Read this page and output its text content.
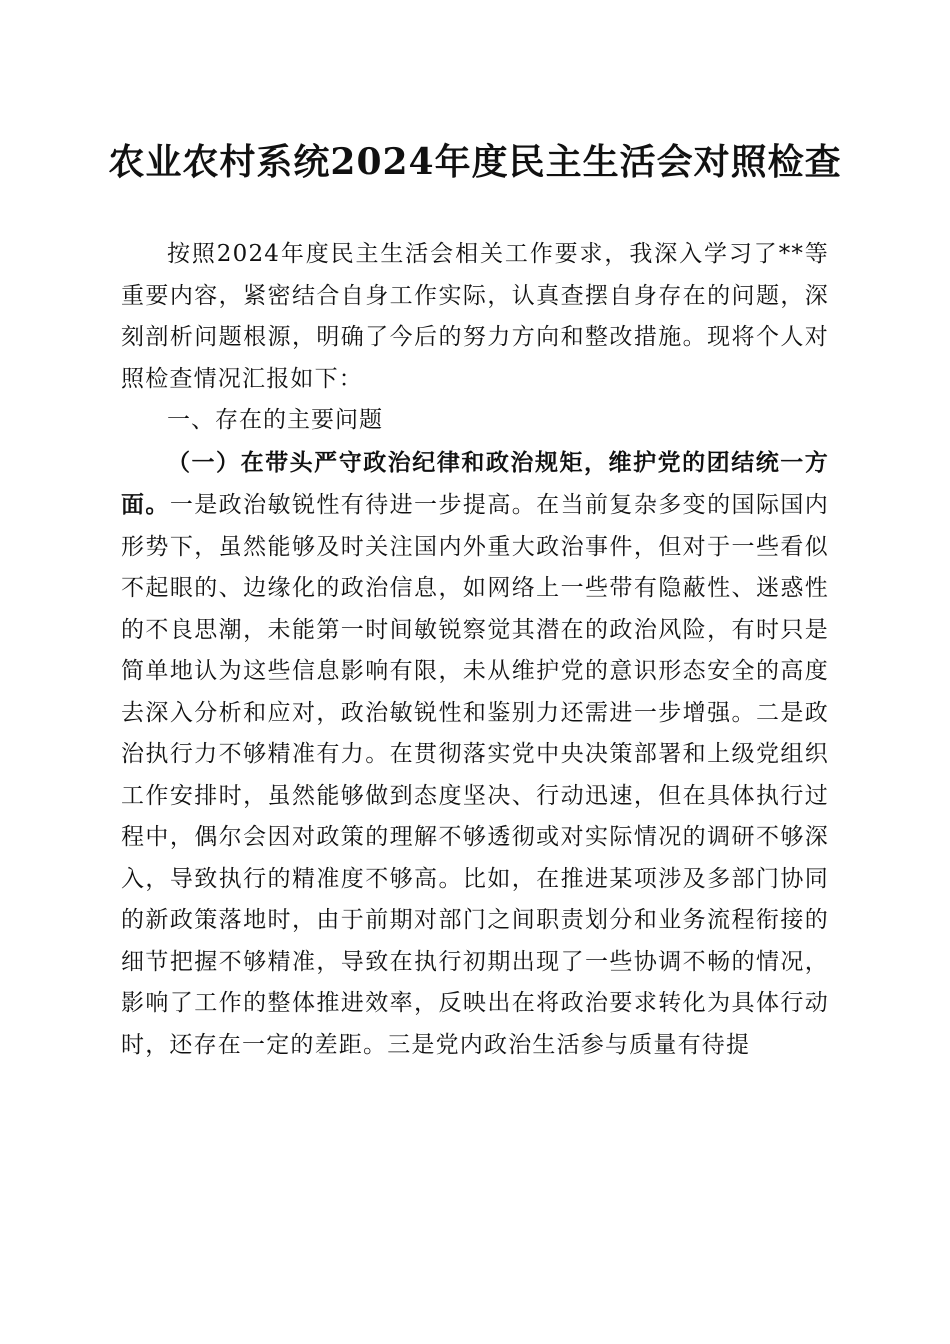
农业农村系统2024年度民主生活会对照检查

按照2024年度民主生活会相关工作要求，我深入学习了**等重要内容，紧密结合自身工作实际，认真查摆自身存在的问题，深刻剖析问题根源，明确了今后的努力方向和整改措施。现将个人对照检查情况汇报如下：

一、存在的主要问题

（一）在带头严守政治纪律和政治规矩，维护党的团结统一方面。一是政治敏锐性有待进一步提高。在当前复杂多变的国际国内形势下，虽然能够及时关注国内外重大政治事件，但对于一些看似不起眼的、边缘化的政治信息，如网络上一些带有隐蔽性、迷惑性的不良思潮，未能第一时间敏锐察觉其潜在的政治风险，有时只是简单地认为这些信息影响有限，未从维护党的意识形态安全的高度去深入分析和应对，政治敏锐性和鉴别力还需进一步增强。二是政治执行力不够精准有力。在贯彻落实党中央决策部署和上级党组织工作安排时，虽然能够做到态度坚决、行动迅速，但在具体执行过程中，偶尔会因对政策的理解不够透彻或对实际情况的调研不够深入，导致执行的精准度不够高。比如，在推进某项涉及多部门协同的新政策落地时，由于前期对部门之间职责划分和业务流程衔接的细节把握不够精准，导致在执行初期出现了一些协调不畅的情况，影响了工作的整体推进效率，反映出在将政治要求转化为具体行动时，还存在一定的差距。三是党内政治生活参与质量有待提
